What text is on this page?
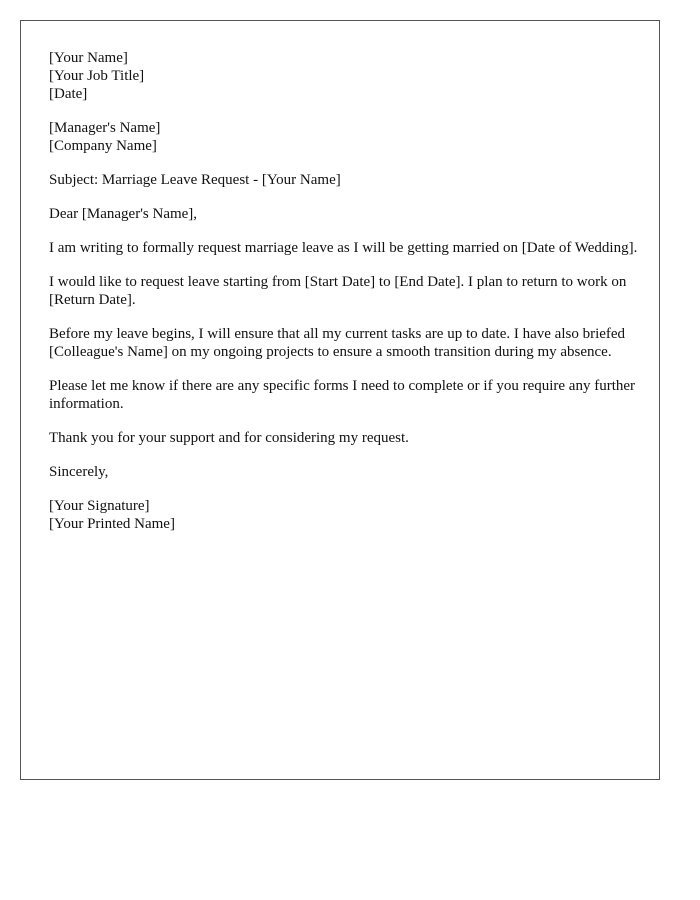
[Your Name]
[Your Job Title]
[Date]
[Manager's Name]
[Company Name]

Subject: Marriage Leave Request - [Your Name]

Dear [Manager's Name],

I am writing to formally request marriage leave as I will be getting married on [Date of Wedding].

I would like to request leave starting from [Start Date] to [End Date]. I plan to return to work on [Return Date].

Before my leave begins, I will ensure that all my current tasks are up to date. I have also briefed [Colleague's Name] on my ongoing projects to ensure a smooth transition during my absence.

Please let me know if there are any specific forms I need to complete or if you require any further information.

Thank you for your support and for considering my request.

Sincerely,

[Your Signature]
[Your Printed Name]
